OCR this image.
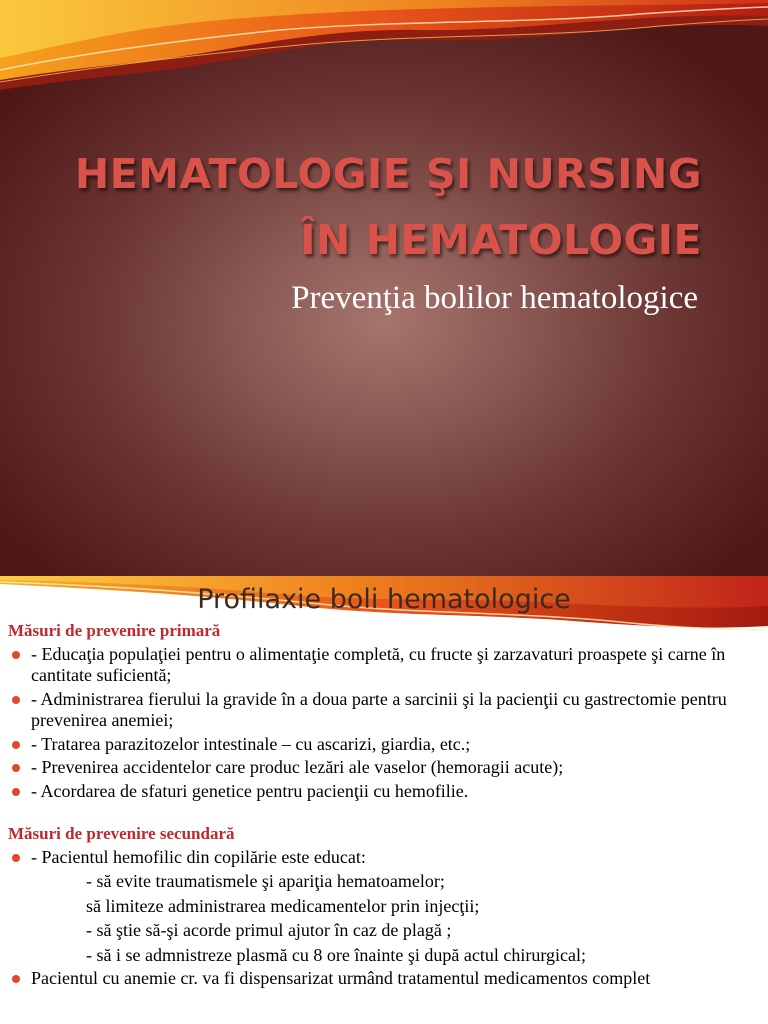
HEMATOLOGIE ŞI NURSING
ÎN HEMATOLOGIE
Prevenţia bolilor hematologice
Profilaxie boli hematologice
Măsuri de prevenire primară
- Educaţia populaţiei pentru o alimentaţie completă, cu fructe şi zarzavaturi proaspete şi carne în cantitate suficientă;
- Administrarea fierului la gravide în a doua parte a sarcinii şi la pacienţii cu gastrectomie pentru prevenirea anemiei;
- Tratarea parazitozelor intestinale – cu ascarizi, giardia, etc.;
- Prevenirea accidentelor care produc lezări ale vaselor (hemoragii acute);
- Acordarea de sfaturi genetice pentru pacienţii cu hemofilie.
Măsuri de prevenire secundară
- Pacientul hemofilic din copilărie este educat:
- să evite traumatismele şi apariţia hematoamelor;
să limiteze administrarea medicamentelor prin injecţii;
- să ştie să-şi acorde primul ajutor în caz de plagă ;
- să i se admnistreze plasmă cu 8 ore înainte şi după actul chirurgical;
Pacientul cu anemie cr. va fi dispensarizat urmând tratamentul medicamentos complet
